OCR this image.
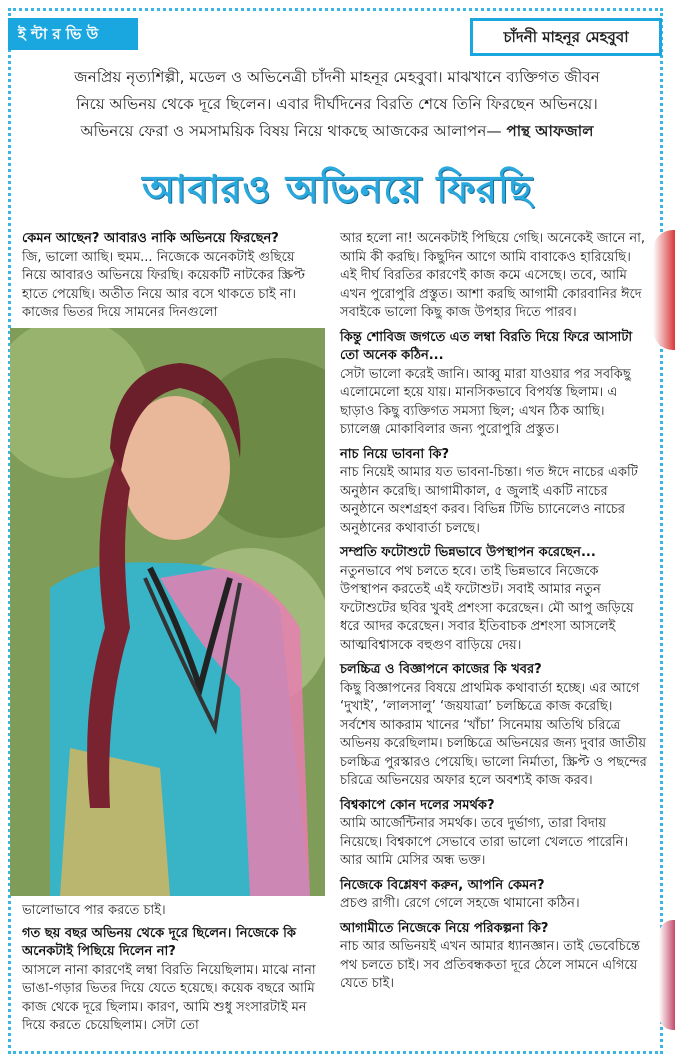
ই ন্টা র ভি উ	চাঁদনী মাহনূর মেহবুবা
জনপ্রিয় নৃত্যশিল্পী, মডেল ও অভিনেত্রী চাঁদনী মাহনূর মেহবুবা। মাঝখানে ব্যক্তিগত জীবন
নিয়ে অভিনয় থেকে দূরে ছিলেন। এবার দীর্ঘদিনের বিরতি শেষে তিনি ফিরছেন অভিনয়ে।
অভিনয়ে ফেরা ও সমসাময়িক বিষয় নিয়ে থাকছে আজকের আলাপন— পান্থ আফজাল
আবারও অভিনয়ে ফিরছি

কেমন আছেন? আবারও নাকি অভিনয়ে ফিরছেন?

জি, ভালো আছি। হুমম... নিজেকে অনেকটাই গুছিয়ে নিয়ে আবারও অভিনয়ে ফিরছি। কয়েকটি নাটকের স্ক্রিপ্ট হাতে পেয়েছি। অতীত নিয়ে আর বসে থাকতে চাই না। কাজের ভিতর দিয়ে সামনের দিনগুলো

ভালোভাবে পার করতে চাই।

গত ছয় বছর অভিনয় থেকে দূরে ছিলেন। নিজেকে কি অনেকটাই পিছিয়ে দিলেন না?

আসলে নানা কারণেই লম্বা বিরতি নিয়েছিলাম। মাঝে নানা ভাঙা-গড়ার ভিতর দিয়ে যেতে হয়েছে। কয়েক বছরে আমি কাজ থেকে দূরে ছিলাম। কারণ, আমি শুধু সংসারটাই মন দিয়ে করতে চেয়েছিলাম। সেটা তো

আর হলো না! অনেকটাই পিছিয়ে গেছি। অনেকেই জানে না, আমি কী করছি। কিছুদিন আগে আমি বাবাকেও হারিয়েছি। এই দীর্ঘ বিরতির কারণেই কাজ কমে এসেছে। তবে, আমি এখন পুরোপুরি প্রস্তুত। আশা করছি আগামী কোরবানির ঈদে সবাইকে ভালো কিছু কাজ উপহার দিতে পারব।

কিন্তু শোবিজ জগতে এত লম্বা বিরতি দিয়ে ফিরে আসাটা তো অনেক কঠিন...

সেটা ভালো করেই জানি। আব্বু মারা যাওয়ার পর সবকিছু এলোমেলো হয়ে যায়। মানসিকভাবে বিপর্যস্ত ছিলাম। এ ছাড়াও কিছু ব্যক্তিগত সমস্যা ছিল; এখন ঠিক আছি। চ্যালেঞ্জ মোকাবিলার জন্য পুরোপুরি প্রস্তুত।

নাচ নিয়ে ভাবনা কি?

নাচ নিয়েই আমার যত ভাবনা-চিন্তা। গত ঈদে নাচের একটি অনুষ্ঠান করেছি। আগামীকাল, ৫ জুলাই একটি নাচের অনুষ্ঠানে অংশগ্রহণ করব। বিভিন্ন টিভি চ্যানেলেও নাচের অনুষ্ঠানের কথাবার্তা চলছে।

সম্প্রতি ফটোশুটে ভিন্নভাবে উপস্থাপন করেছেন...

নতুনভাবে পথ চলতে হবে। তাই ভিন্নভাবে নিজেকে উপস্থাপন করতেই এই ফটোশুট। সবাই আমার নতুন ফটোশুটের ছবির খুবই প্রশংসা করেছেন। মৌ আপু জড়িয়ে ধরে আদর করেছেন। সবার ইতিবাচক প্রশংসা আসলেই আত্মবিশ্বাসকে বহুগুণ বাড়িয়ে দেয়।

চলচ্চিত্র ও বিজ্ঞাপনে কাজের কি খবর?

কিছু বিজ্ঞাপনের বিষয়ে প্রাথমিক কথাবার্তা হচ্ছে। এর আগে ‘দুখাই’, ‘লালসালু’ ‘জয়যাত্রা’ চলচ্চিত্রে কাজ করেছি। সর্বশেষ আকরাম খানের ‘খাঁচা’ সিনেমায় অতিথি চরিত্রে অভিনয় করেছিলাম। চলচ্চিত্রে অভিনয়ের জন্য দুবার জাতীয় চলচ্চিত্র পুরস্কারও পেয়েছি। ভালো নির্মাতা, স্ক্রিপ্ট ও পছন্দের চরিত্রে অভিনয়ের অফার হলে অবশ্যই কাজ করব।

বিশ্বকাপে কোন দলের সমর্থক?

আমি আর্জেন্টিনার সমর্থক। তবে দুর্ভাগ্য, তারা বিদায় নিয়েছে। বিশ্বকাপে সেভাবে তারা ভালো খেলতে পারেনি। আর আমি মেসির অন্ধ ভক্ত।

নিজেকে বিশ্লেষণ করুন, আপনি কেমন?

প্রচণ্ড রাগী। রেগে গেলে সহজে থামানো কঠিন।

আগামীতে নিজেকে নিয়ে পরিকল্পনা কি?

নাচ আর অভিনয়ই এখন আমার ধ্যানজ্ঞান। তাই ভেবেচিন্তে পথ চলতে চাই। সব প্রতিবন্ধকতা দূরে ঠেলে সামনে এগিয়ে যেতে চাই।
